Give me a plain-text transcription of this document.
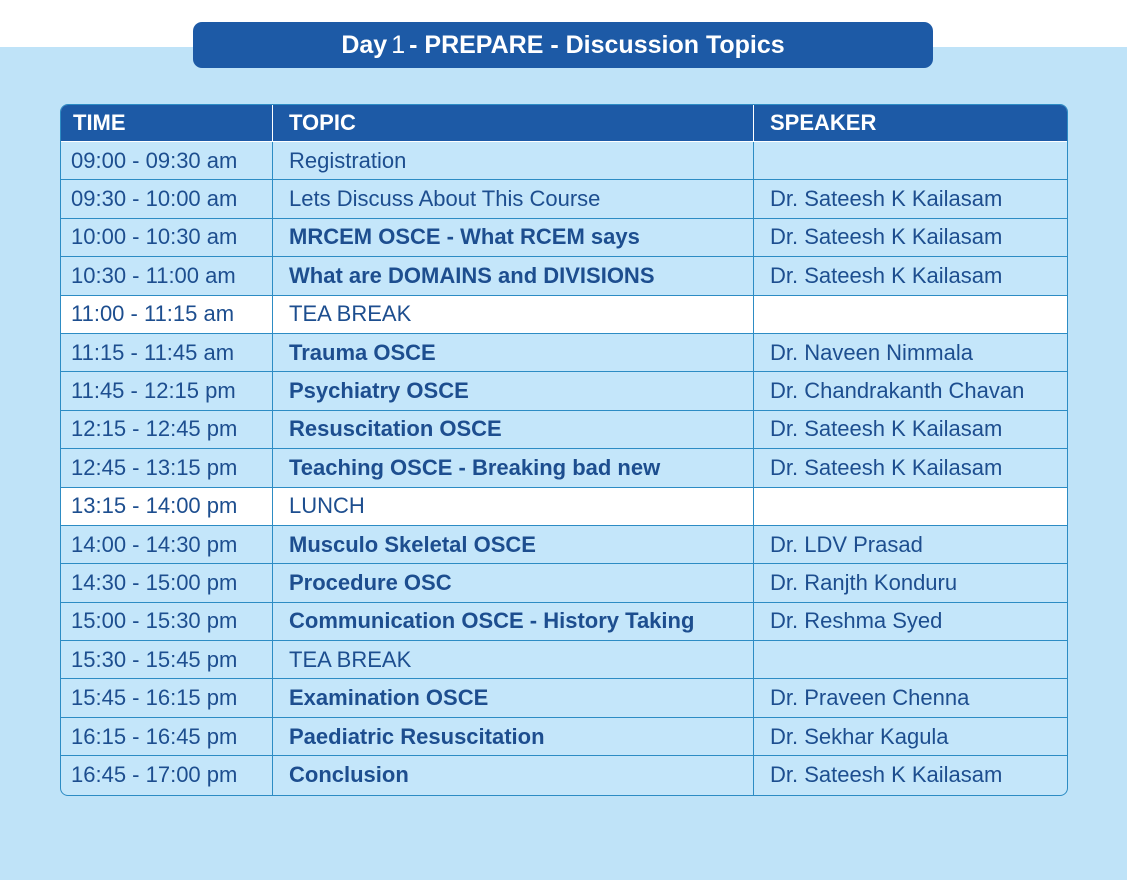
Day 1 - PREPARE - Discussion Topics
TIME	TOPIC	SPEAKER
09:00 - 09:30 am	Registration	
09:30 - 10:00 am	Lets Discuss About This Course	Dr. Sateesh K Kailasam
10:00 - 10:30 am	MRCEM OSCE - What RCEM says	Dr. Sateesh K Kailasam
10:30 - 11:00 am	What are DOMAINS and DIVISIONS	Dr. Sateesh K Kailasam
11:00 - 11:15 am	TEA BREAK	
11:15 - 11:45 am	Trauma OSCE	Dr. Naveen Nimmala
11:45 - 12:15 pm	Psychiatry OSCE	Dr. Chandrakanth Chavan
12:15 - 12:45 pm	Resuscitation OSCE	Dr. Sateesh K Kailasam
12:45 - 13:15 pm	Teaching OSCE - Breaking bad new	Dr. Sateesh K Kailasam
13:15 - 14:00 pm	LUNCH	
14:00 - 14:30 pm	Musculo Skeletal OSCE	Dr. LDV Prasad
14:30 - 15:00 pm	Procedure OSC	Dr. Ranjth Konduru
15:00 - 15:30 pm	Communication OSCE - History Taking	Dr. Reshma Syed
15:30 - 15:45 pm	TEA BREAK	
15:45 - 16:15 pm	Examination OSCE	Dr. Praveen Chenna
16:15 - 16:45 pm	Paediatric Resuscitation	Dr. Sekhar Kagula
16:45 - 17:00 pm	Conclusion	Dr. Sateesh K Kailasam
